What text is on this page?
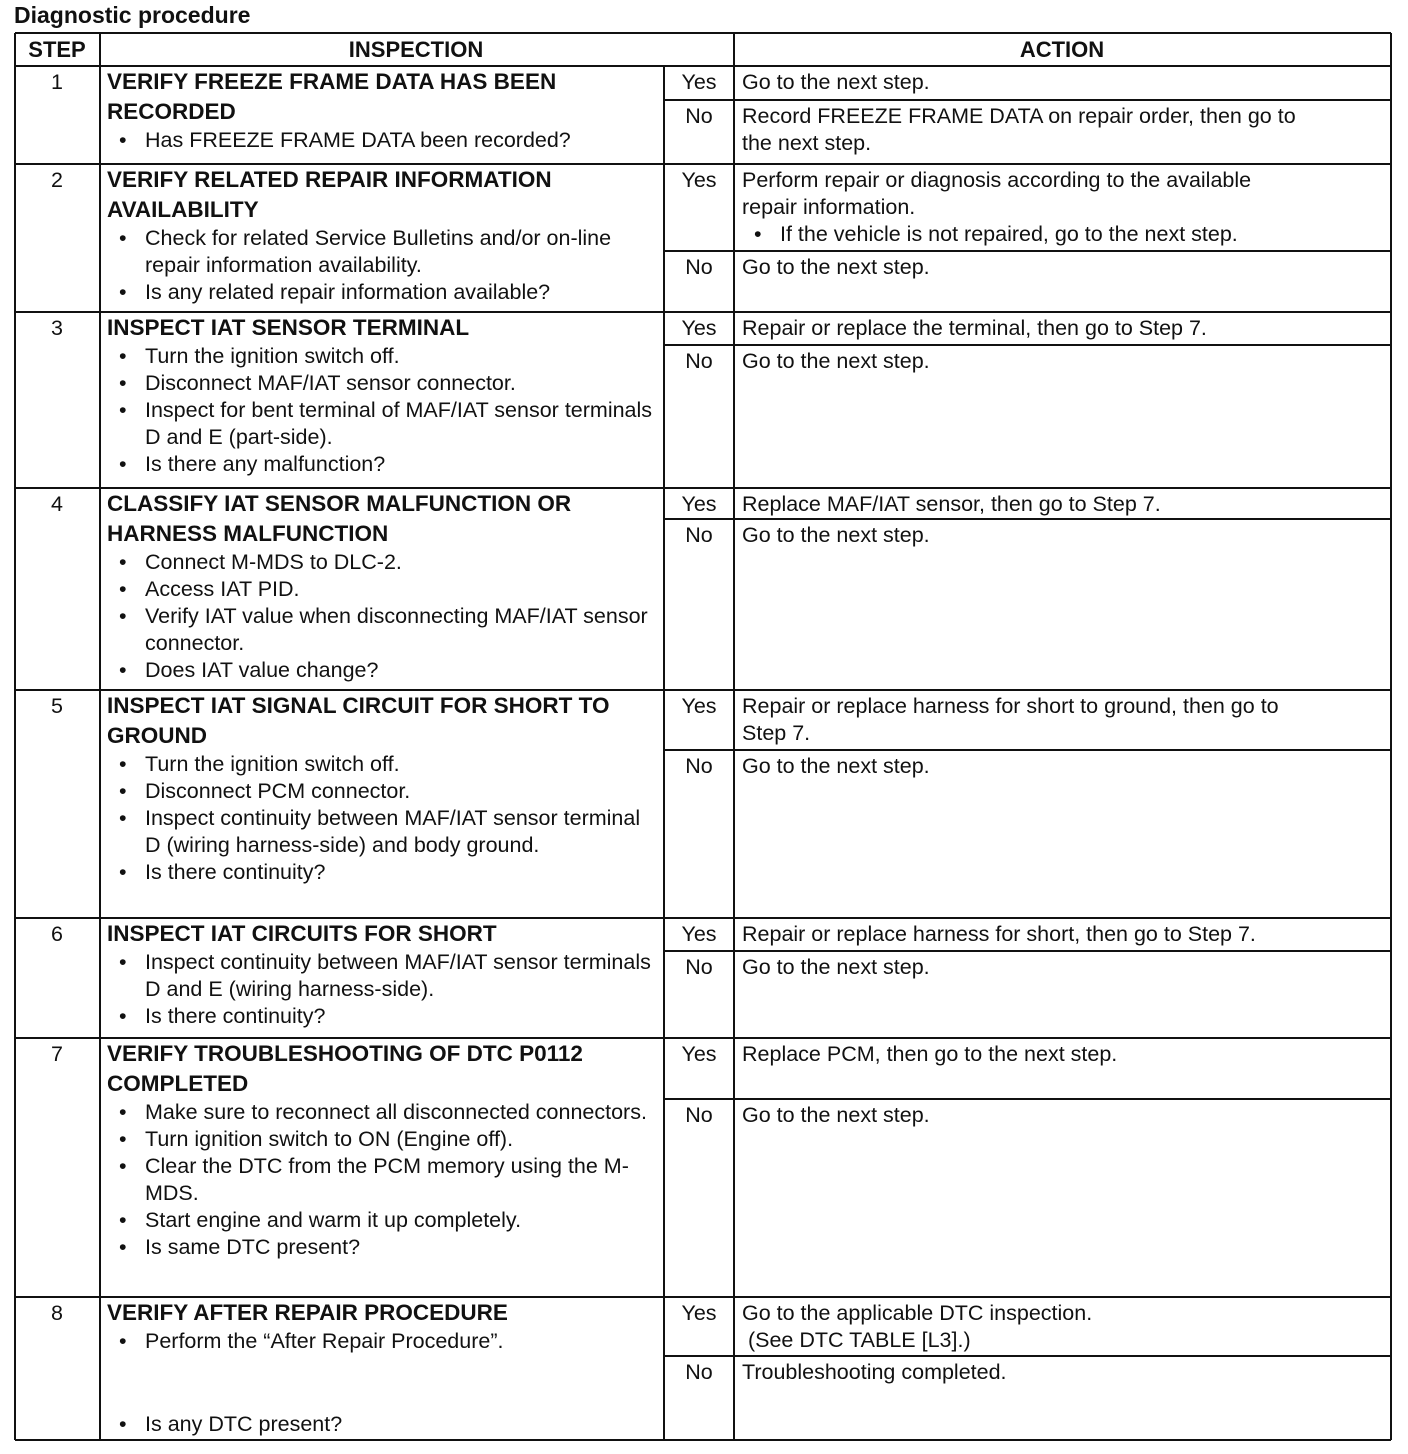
Diagnostic procedure
STEP	INSPECTION	ACTION
1	VERIFY FREEZE FRAME DATA HAS BEEN
RECORDED
• Has FREEZE FRAME DATA been recorded?
Yes	Go to the next step.
No	Record FREEZE FRAME DATA on repair order, then go to
the next step.
2	VERIFY RELATED REPAIR INFORMATION
AVAILABILITY
• Check for related Service Bulletins and/or on-line repair information availability.
• Is any related repair information available?
Yes	Perform repair or diagnosis according to the available
repair information.
• If the vehicle is not repaired, go to the next step.
No	Go to the next step.
3	INSPECT IAT SENSOR TERMINAL
• Turn the ignition switch off.
• Disconnect MAF/IAT sensor connector.
• Inspect for bent terminal of MAF/IAT sensor terminals D and E (part-side).
• Is there any malfunction?
Yes	Repair or replace the terminal, then go to Step 7.
No	Go to the next step.
4	CLASSIFY IAT SENSOR MALFUNCTION OR
HARNESS MALFUNCTION
• Connect M-MDS to DLC-2.
• Access IAT PID.
• Verify IAT value when disconnecting MAF/IAT sensor connector.
• Does IAT value change?
Yes	Replace MAF/IAT sensor, then go to Step 7.
No	Go to the next step.
5	INSPECT IAT SIGNAL CIRCUIT FOR SHORT TO
GROUND
• Turn the ignition switch off.
• Disconnect PCM connector.
• Inspect continuity between MAF/IAT sensor terminal D (wiring harness-side) and body ground.
• Is there continuity?
Yes	Repair or replace harness for short to ground, then go to
Step 7.
No	Go to the next step.
6	INSPECT IAT CIRCUITS FOR SHORT
• Inspect continuity between MAF/IAT sensor terminals D and E (wiring harness-side).
• Is there continuity?
Yes	Repair or replace harness for short, then go to Step 7.
No	Go to the next step.
7	VERIFY TROUBLESHOOTING OF DTC P0112
COMPLETED
• Make sure to reconnect all disconnected connectors.
• Turn ignition switch to ON (Engine off).
• Clear the DTC from the PCM memory using the M-MDS.
• Start engine and warm it up completely.
• Is same DTC present?
Yes	Replace PCM, then go to the next step.
No	Go to the next step.
8	VERIFY AFTER REPAIR PROCEDURE
• Perform the “After Repair Procedure”.
• Is any DTC present?
Yes	Go to the applicable DTC inspection.
(See DTC TABLE [L3].)
No	Troubleshooting completed.
